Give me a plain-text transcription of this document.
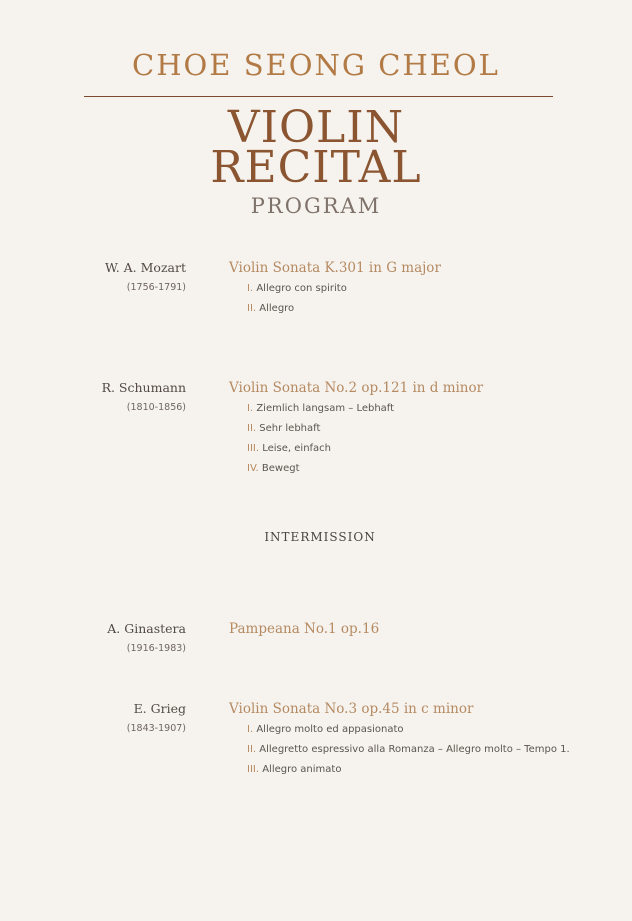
CHOE SEONG CHEOL
VIOLIN
RECITAL
PROGRAM
W. A. Mozart
(1756-1791)
Violin Sonata K.301 in G major
I. Allegro con spirito
II. Allegro
R. Schumann
(1810-1856)
Violin Sonata No.2 op.121 in d minor
I. Ziemlich langsam – Lebhaft
II. Sehr lebhaft
III. Leise, einfach
IV. Bewegt
INTERMISSION
A. Ginastera
(1916-1983)
Pampeana No.1 op.16
E. Grieg
(1843-1907)
Violin Sonata No.3 op.45 in c minor
I. Allegro molto ed appasionato
II. Allegretto espressivo alla Romanza – Allegro molto – Tempo 1.
III. Allegro animato
